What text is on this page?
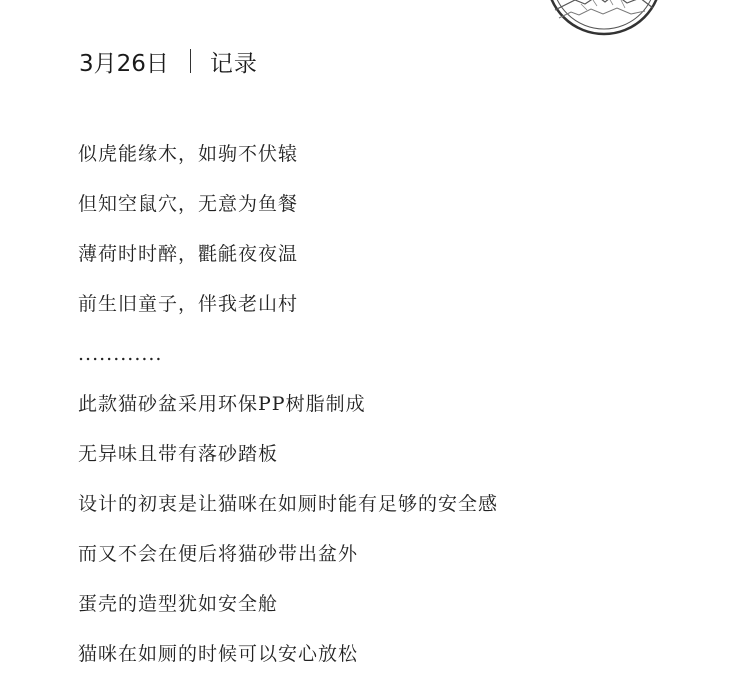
3月26日 记录
似虎能缘木，如驹不伏辕
但知空鼠穴，无意为鱼餐
薄荷时时醉，氍毹夜夜温
前生旧童子，伴我老山村
............
此款猫砂盆采用环保PP树脂制成
无异味且带有落砂踏板
设计的初衷是让猫咪在如厕时能有足够的安全感
而又不会在便后将猫砂带出盆外
蛋壳的造型犹如安全舱
猫咪在如厕的时候可以安心放松
